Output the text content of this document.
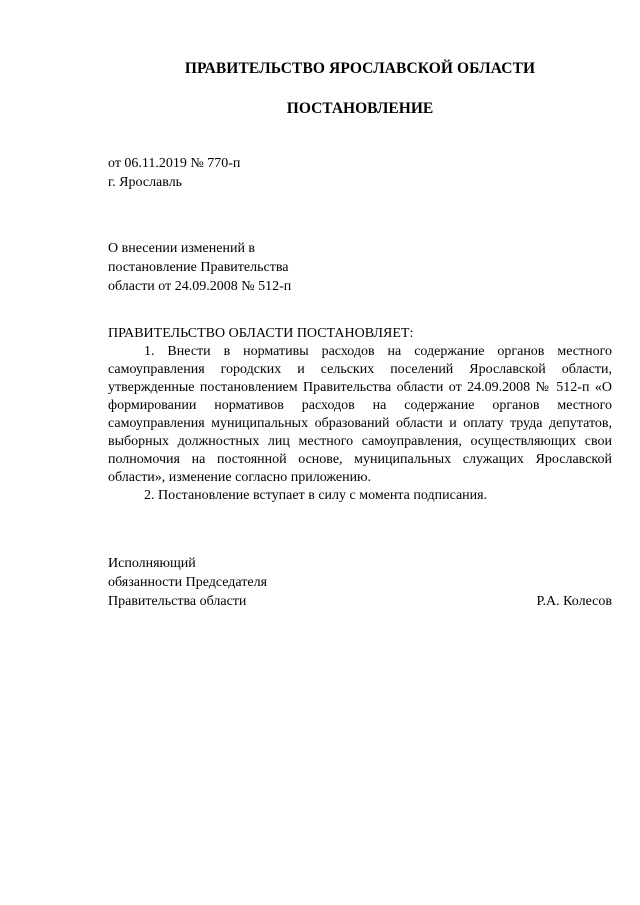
ПРАВИТЕЛЬСТВО ЯРОСЛАВСКОЙ ОБЛАСТИ
ПОСТАНОВЛЕНИЕ
от 06.11.2019 № 770-п
г. Ярославль
О внесении изменений в
постановление Правительства
области от 24.09.2008 № 512-п
ПРАВИТЕЛЬСТВО ОБЛАСТИ ПОСТАНОВЛЯЕТ:

1. Внести в нормативы расходов на содержание органов местного самоуправления городских и сельских поселений Ярославской области, утвержденные постановлением Правительства области от 24.09.2008 № 512-п «О формировании нормативов расходов на содержание органов местного самоуправления муниципальных образований области и оплату труда депутатов, выборных должностных лиц местного самоуправления, осуществляющих свои полномочия на постоянной основе, муниципальных служащих Ярославской области», изменение согласно приложению.

2. Постановление вступает в силу с момента подписания.

Исполняющий
обязанности Председателя
Правительства области	Р.А. Колесов
